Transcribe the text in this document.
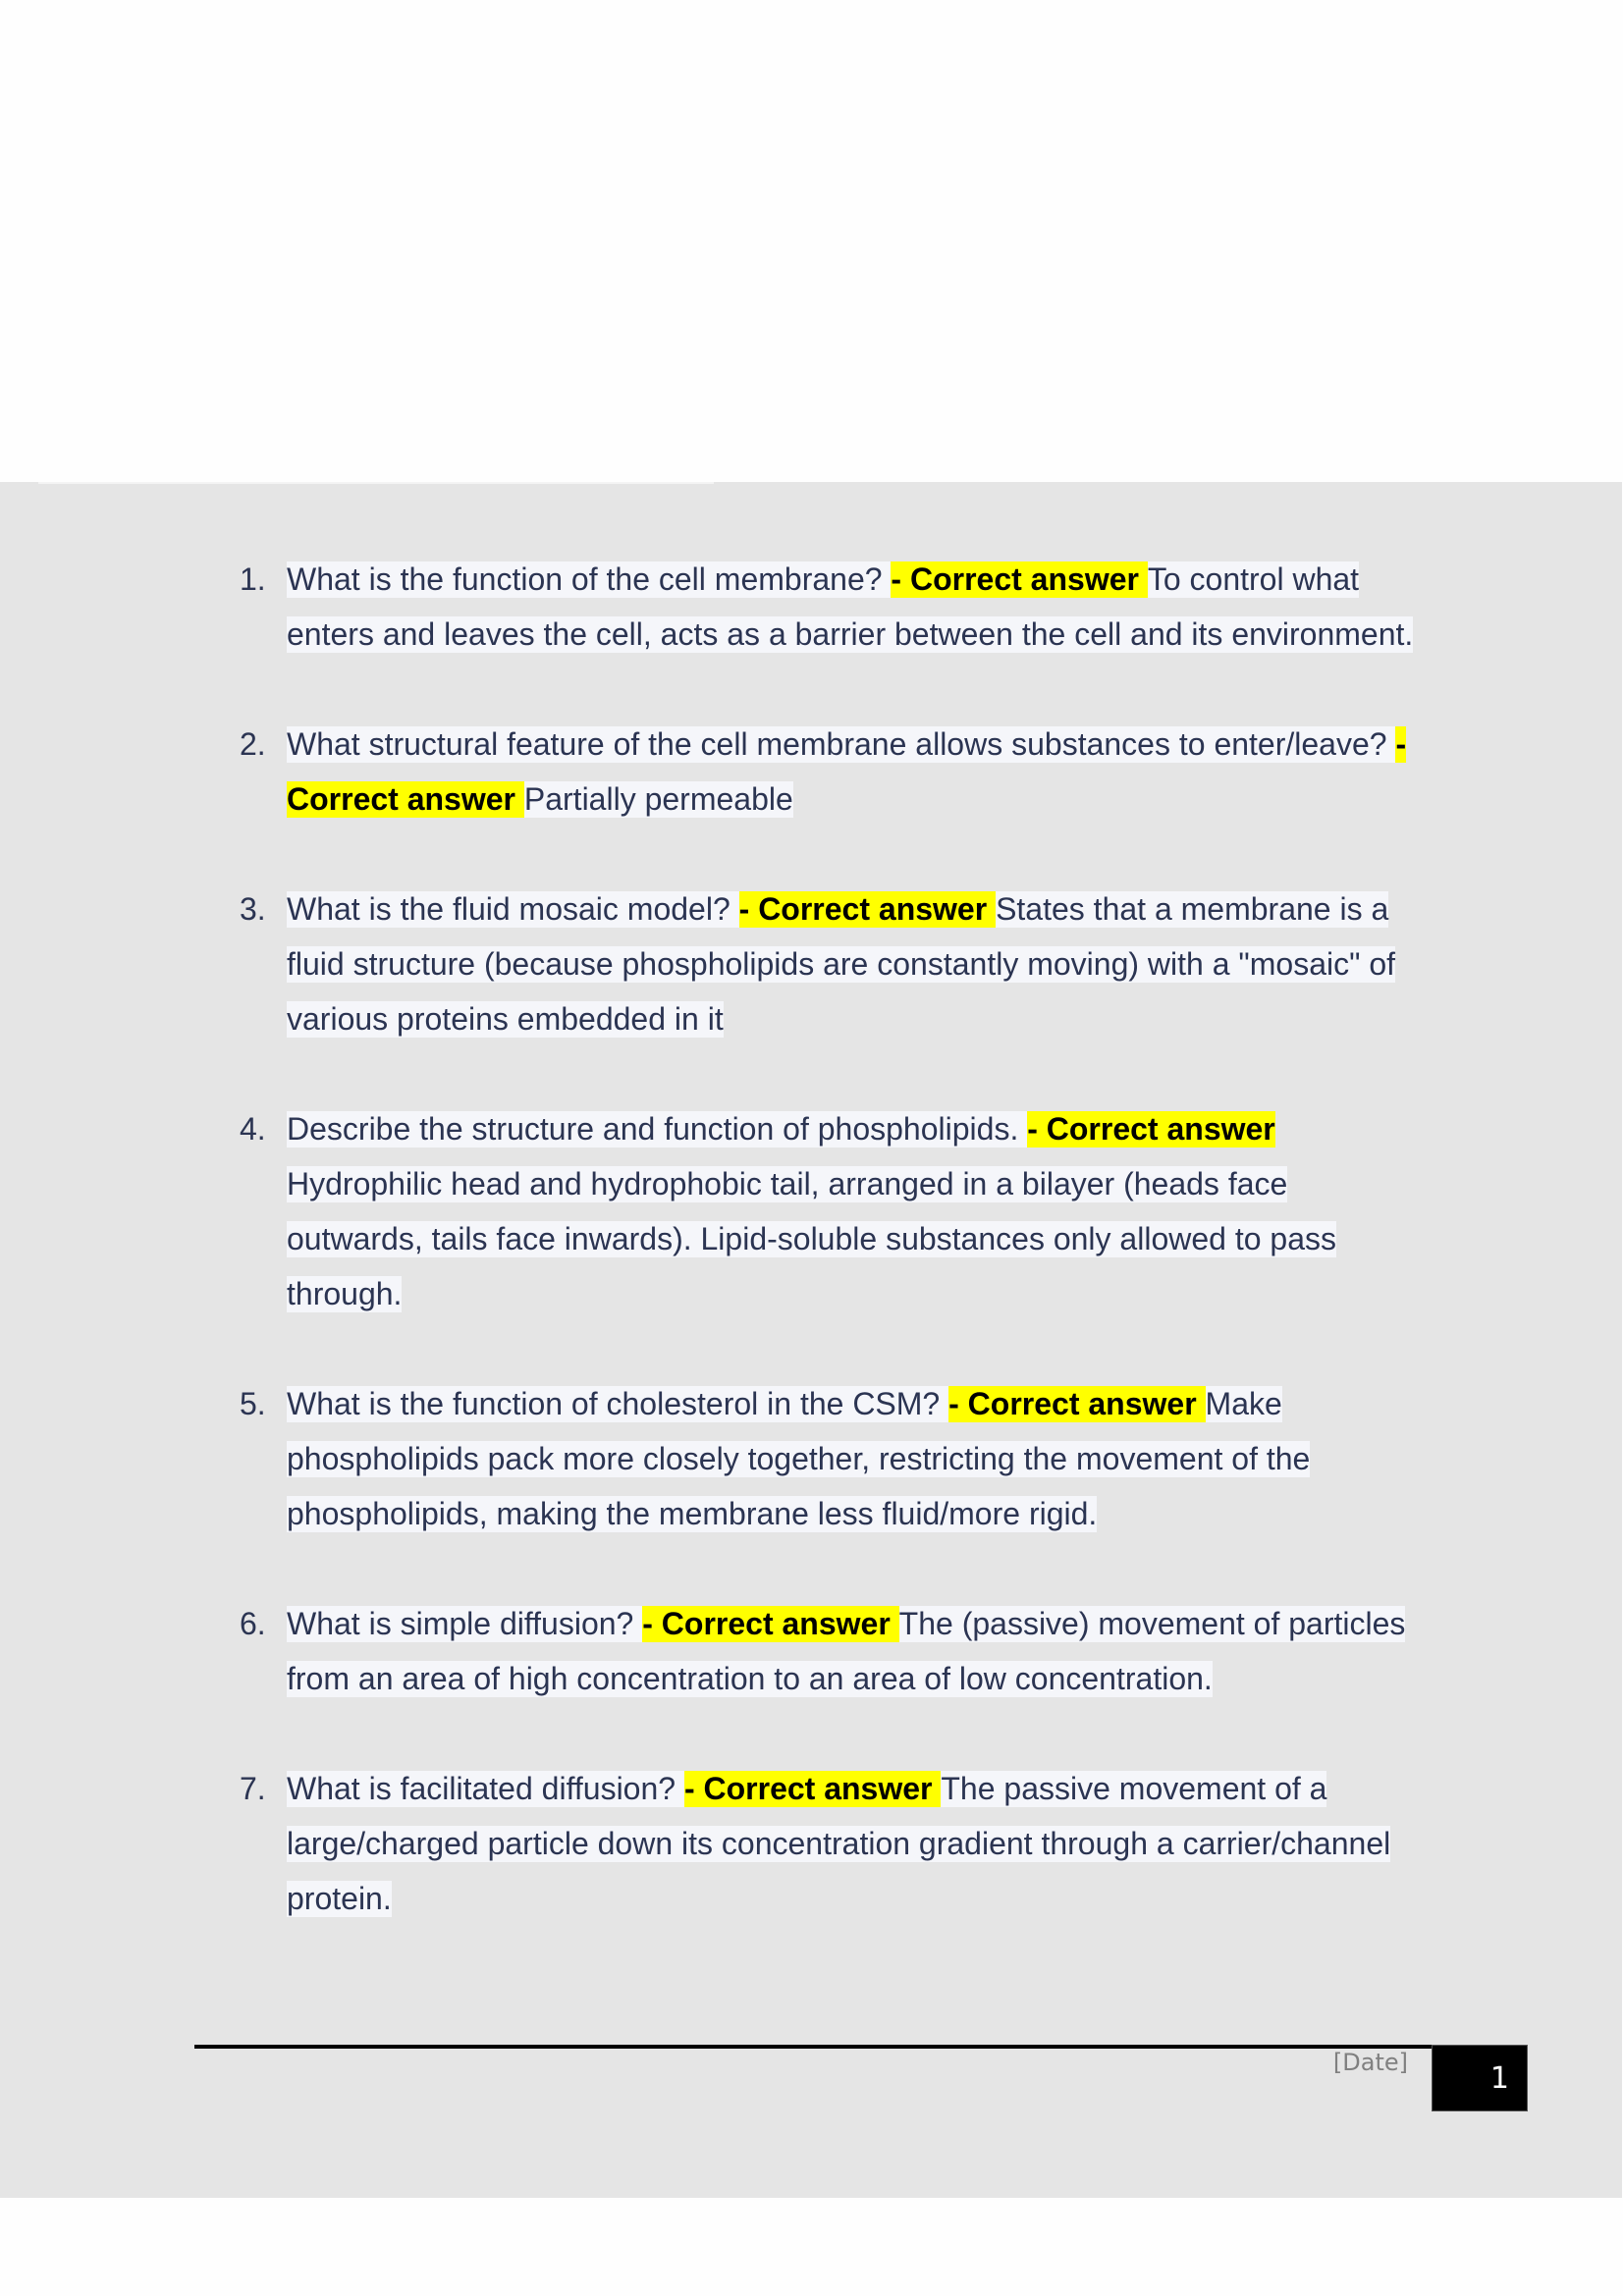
1. What is the function of the cell membrane? - Correct answer To control what
enters and leaves the cell, acts as a barrier between the cell and its environment.
2. What structural feature of the cell membrane allows substances to enter/leave? -
Correct answer Partially permeable
3. What is the fluid mosaic model? - Correct answer States that a membrane is a
fluid structure (because phospholipids are constantly moving) with a "mosaic" of
various proteins embedded in it
4. Describe the structure and function of phospholipids. - Correct answer
Hydrophilic head and hydrophobic tail, arranged in a bilayer (heads face
outwards, tails face inwards). Lipid-soluble substances only allowed to pass
through.
5. What is the function of cholesterol in the CSM? - Correct answer Make
phospholipids pack more closely together, restricting the movement of the
phospholipids, making the membrane less fluid/more rigid.
6. What is simple diffusion? - Correct answer The (passive) movement of particles
from an area of high concentration to an area of low concentration.
7. What is facilitated diffusion? - Correct answer The passive movement of a
large/charged particle down its concentration gradient through a carrier/channel
protein.
[Date]	1
